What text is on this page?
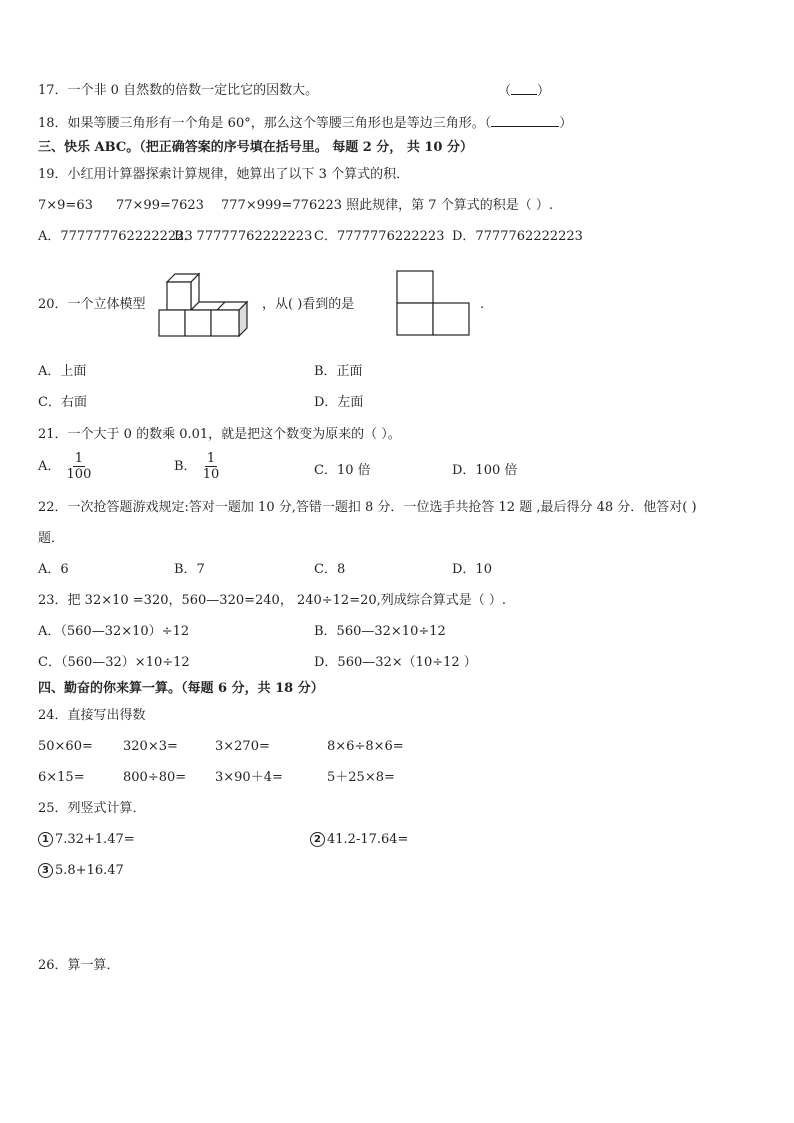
17．一个非 0 自然数的倍数一定比它的因数大。	（ ）
18．如果等腰三角形有一个角是 60°，那么这个等腰三角形也是等边三角形。（	）
三、快乐 ABC。（把正确答案的序号填在括号里。 每题 2 分， 共 10 分）
19．小红用计算器探索计算规律，她算出了以下 3 个算式的积．
7×9=63 77×99=7623 777×999=776223 照此规律，第 7 个算式的积是（ ）.
A．7777777622222223
B．77777762222223 C．7777776222223 D．7777762222223
20．一个立体模型	，从( )看到的是	.
A．上面	B．正面
C．右面	D．左面
21．一个大于 0 的数乘 0.01，就是把这个数变为原来的（ ）。
A． $\frac{1}{100}$	B． $\frac{1}{10}$	C．10 倍	D．100 倍
22．一次抢答题游戏规定:答对一题加 10 分,答错一题扣 8 分．一位选手共抢答 12 题 ,最后得分 48 分．他答对( )
题．
A．6	B．7	C．8	D．10
23．把 32×10 =320，560—320=240， 240÷12=20,列成综合算式是（ ）.
A．（560—32×10）÷12	B．560—32×10÷12
C．（560—32）×10÷12	D．560—32×（10÷12 ）
四、勤奋的你来算一算。（每题 6 分，共 18 分）
24．直接写出得数
50×60= 320×3=	3×270=	8×6÷8×6=
6×15=	800÷80= 3×90＋4=	5＋25×8=
25．列竖式计算．
1 7.32+1.47=	2 41.2-17.64=
3 5.8+16.47
26．算一算．
